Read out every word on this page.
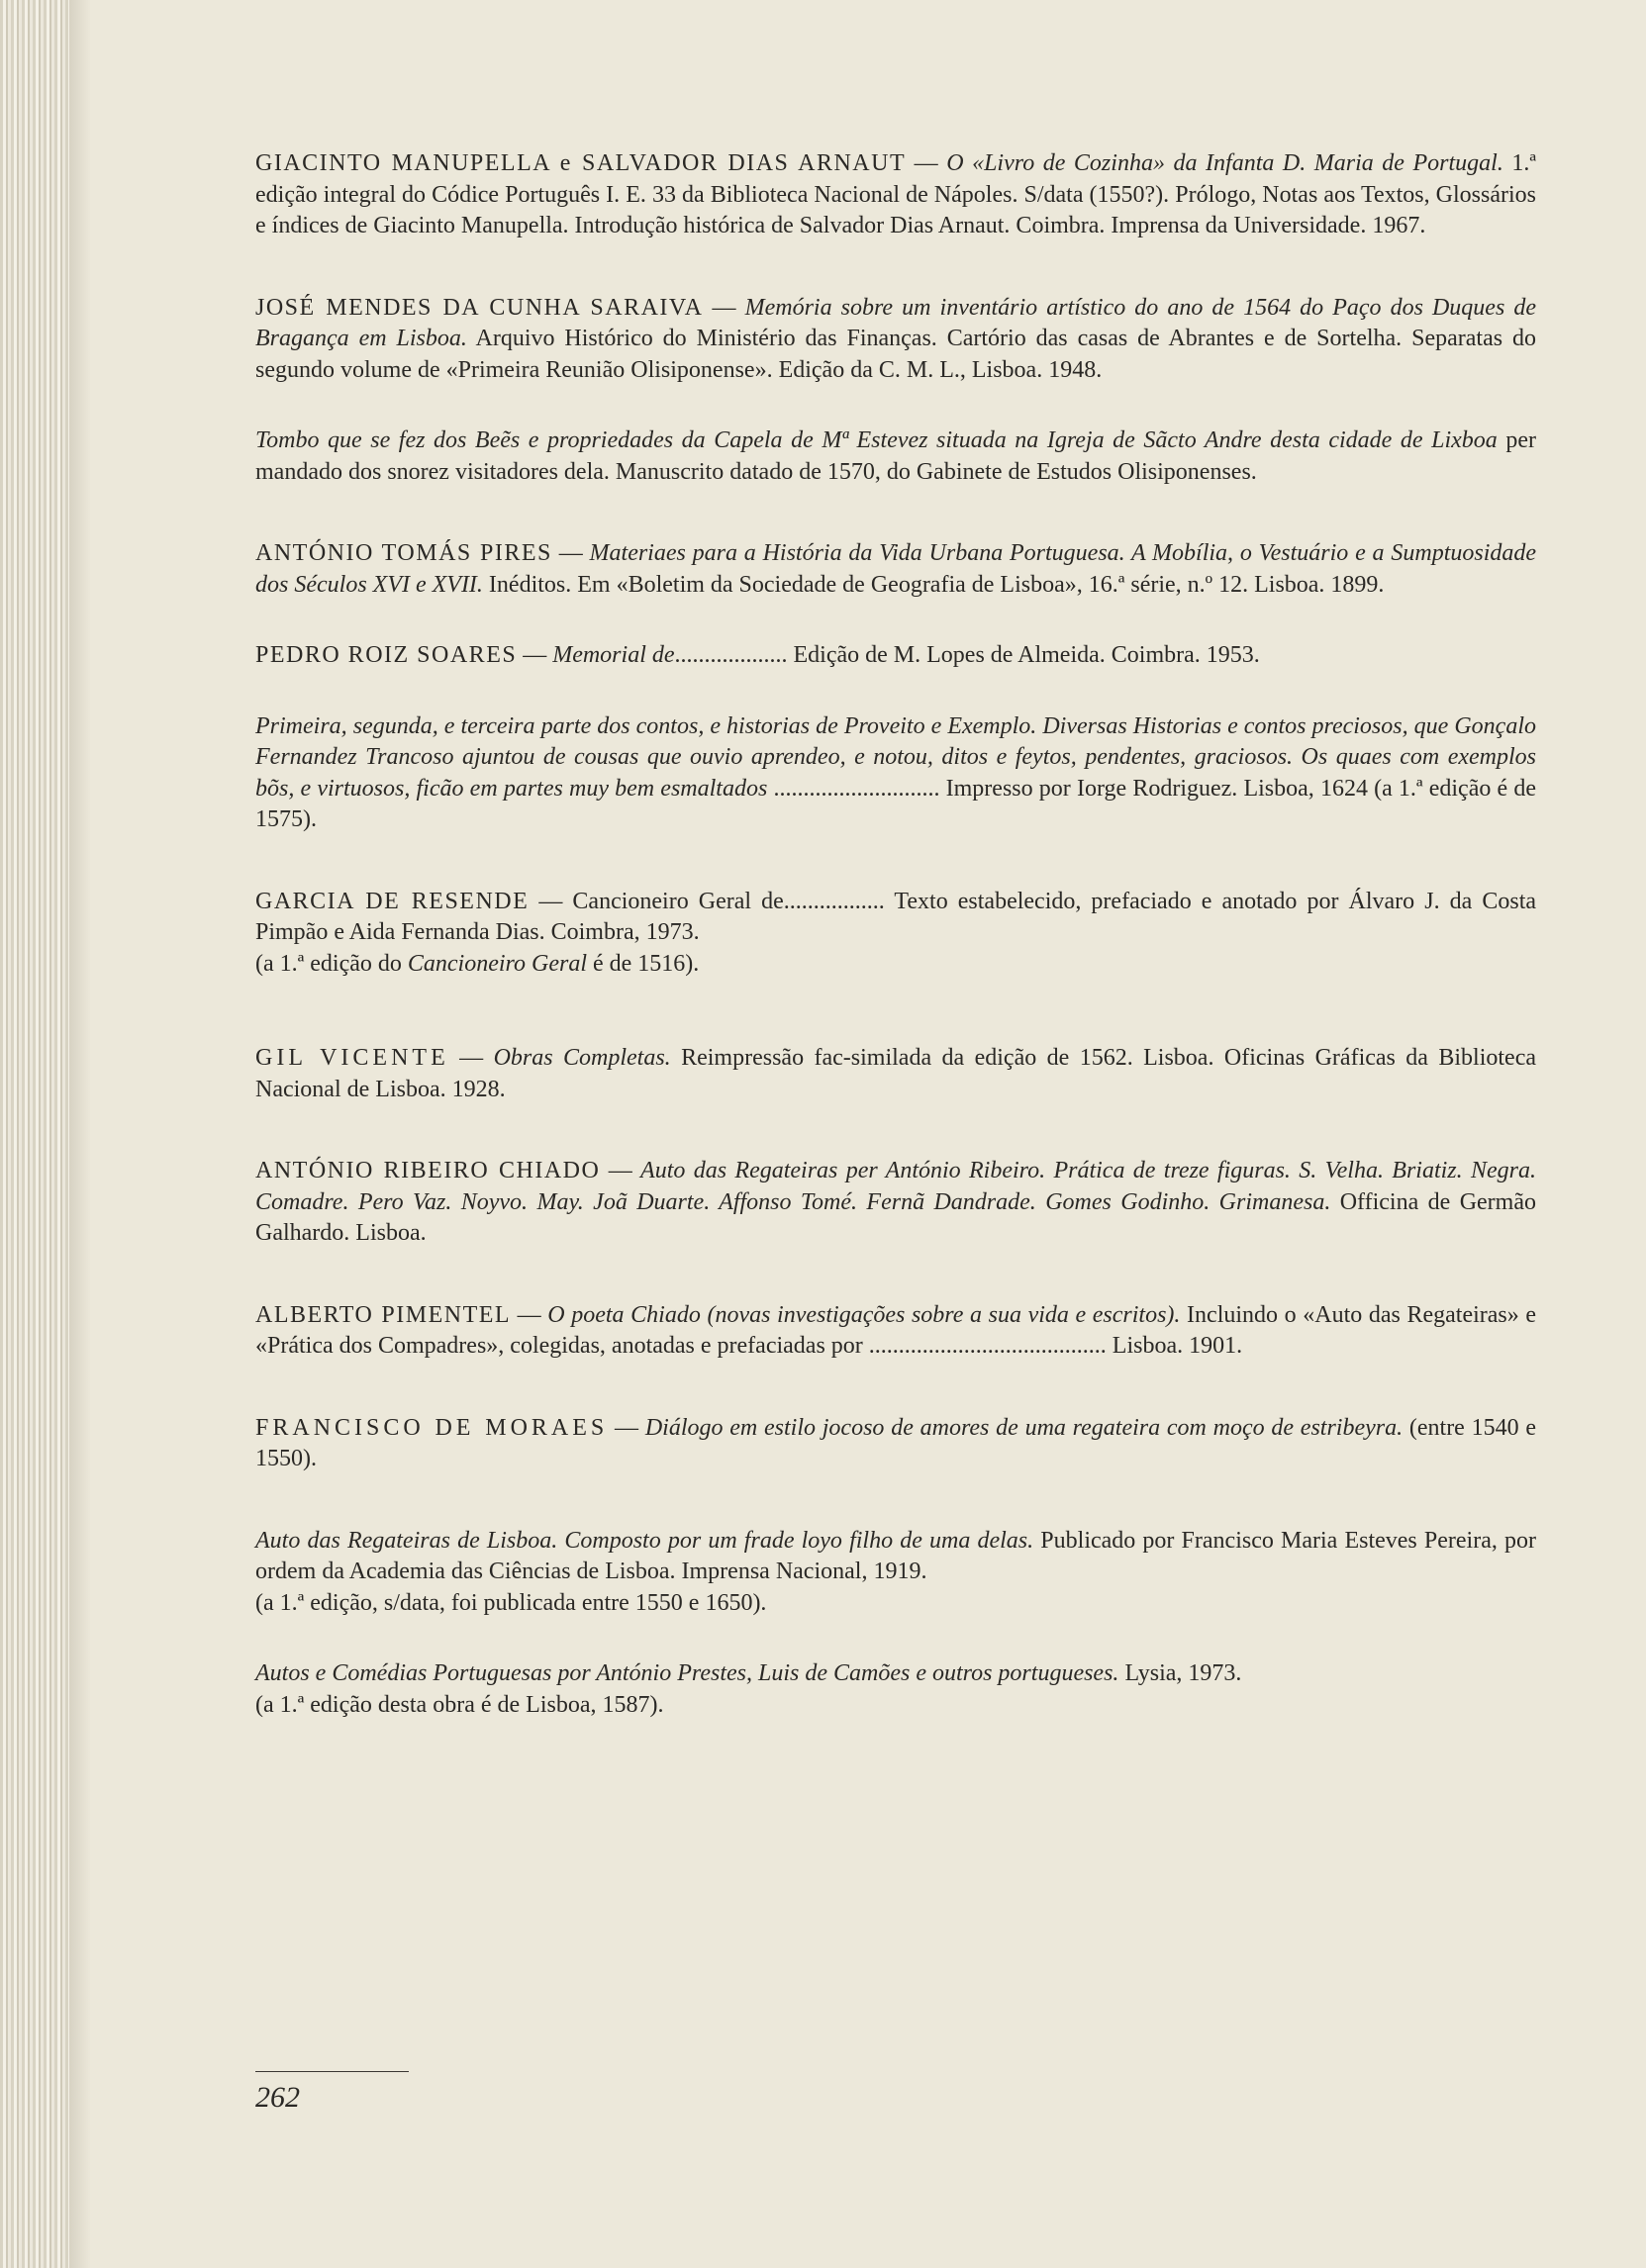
GIACINTO MANUPELLA e SALVADOR DIAS ARNAUT — O «Livro de Cozinha» da Infanta D. Maria de Portugal. 1.ª edição integral do Códice Português I. E. 33 da Biblioteca Nacional de Nápoles. S/data (1550?). Prólogo, Notas aos Textos, Glossários e índices de Giacinto Manupella. Introdução histórica de Salvador Dias Arnaut. Coimbra. Imprensa da Universidade. 1967.

JOSÉ MENDES DA CUNHA SARAIVA — Memória sobre um inventário artístico do ano de 1564 do Paço dos Duques de Bragança em Lisboa. Arquivo Histórico do Ministério das Finanças. Cartório das casas de Abrantes e de Sortelha. Separatas do segundo volume de «Primeira Reunião Olisiponense». Edição da C. M. L., Lisboa. 1948.

Tombo que se fez dos Beẽs e propriedades da Capela de Mª Estevez situada na Igreja de Sãcto Andre desta cidade de Lixboa per mandado dos snorez visitadores dela. Manuscrito datado de 1570, do Gabinete de Estudos Olisiponenses.

ANTÓNIO TOMÁS PIRES — Materiaes para a História da Vida Urbana Portuguesa. A Mobília, o Vestuário e a Sumptuosidade dos Séculos XVI e XVII. Inéditos. Em «Boletim da Sociedade de Geografia de Lisboa», 16.ª série, n.º 12. Lisboa. 1899.

PEDRO ROIZ SOARES — Memorial de................... Edição de M. Lopes de Almeida. Coimbra. 1953.

Primeira, segunda, e terceira parte dos contos, e historias de Proveito e Exemplo. Diversas Historias e contos preciosos, que Gonçalo Fernandez Trancoso ajuntou de cousas que ouvio aprendeo, e notou, ditos e feytos, pendentes, graciosos. Os quaes com exemplos bõs, e virtuosos, ficão em partes muy bem esmaltados ............................ Impresso por Iorge Rodriguez. Lisboa, 1624 (a 1.ª edição é de 1575).

GARCIA DE RESENDE — Cancioneiro Geral de................. Texto estabelecido, prefaciado e anotado por Álvaro J. da Costa Pimpão e Aida Fernanda Dias. Coimbra, 1973.
(a 1.ª edição do Cancioneiro Geral é de 1516).

GIL VICENTE — Obras Completas. Reimpressão fac-similada da edição de 1562. Lisboa. Oficinas Gráficas da Biblioteca Nacional de Lisboa. 1928.

ANTÓNIO RIBEIRO CHIADO — Auto das Regateiras per António Ribeiro. Prática de treze figuras. S. Velha. Briatiz. Negra. Comadre. Pero Vaz. Noyvo. May. Joã Duarte. Affonso Tomé. Fernã Dandrade. Gomes Godinho. Grimanesa. Officina de Germão Galhardo. Lisboa.

ALBERTO PIMENTEL — O poeta Chiado (novas investigações sobre a sua vida e escritos). Incluindo o «Auto das Regateiras» e «Prática dos Compadres», colegidas, anotadas e prefaciadas por ........................................ Lisboa. 1901.

FRANCISCO DE MORAES — Diálogo em estilo jocoso de amores de uma regateira com moço de estribeyra. (entre 1540 e 1550).

Auto das Regateiras de Lisboa. Composto por um frade loyo filho de uma delas. Publicado por Francisco Maria Esteves Pereira, por ordem da Academia das Ciências de Lisboa. Imprensa Nacional, 1919.
(a 1.ª edição, s/data, foi publicada entre 1550 e 1650).

Autos e Comédias Portuguesas por António Prestes, Luis de Camões e outros portugueses. Lysia, 1973.
(a 1.ª edição desta obra é de Lisboa, 1587).

262
